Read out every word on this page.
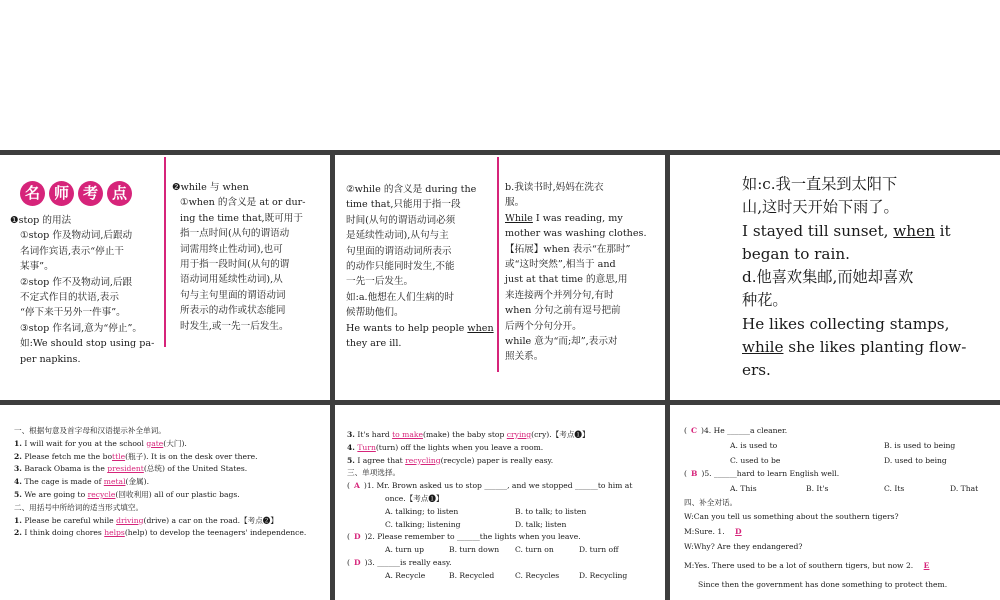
名 师 考 点
❶stop 的用法
①stop 作及物动词,后跟动
名词作宾语,表示“停止干
某事”。
②stop 作不及物动词,后跟
不定式作目的状语,表示
“停下来干另外一件事”。
③stop 作名词,意为“停止”。
如:We should stop using pa-
per napkins.
❷while 与 when
①when 的含义是 at or dur-
ing the time that,既可用于
指一点时间(从句的谓语动
词需用终止性动词),也可
用于指一段时间(从句的谓
语动词用延续性动词),从
句与主句里面的谓语动词
所表示的动作或状态能同
时发生,或一先一后发生。
②while 的含义是 during the
time that,只能用于指一段
时间(从句的谓语动词必须
是延续性动词),从句与主
句里面的谓语动词所表示
的动作只能同时发生,不能
一先一后发生。
如:a.他想在人们生病的时
候帮助他们。
He wants to help people when
they are ill.
b.我读书时,妈妈在洗衣
服。
While I was reading, my
mother was washing clothes.
【拓展】when 表示“在那时”
或“这时突然”,相当于 and
just at that time 的意思,用
来连接两个并列分句,有时
when 分句之前有逗号把前
后两个分句分开。
while 意为“而;却”,表示对
照关系。
如:c.我一直呆到太阳下
山,这时天开始下雨了。
I stayed till sunset, when it
began to rain.
d.他喜欢集邮,而她却喜欢
种花。
He likes collecting stamps,
while she likes planting flow-
ers.
一、根据句意及首字母和汉语提示补全单词。
1. I will wait for you at the school gate(大门).
2. Please fetch me the bottle(瓶子). It is on the desk over there.
3. Barack Obama is the president(总统) of the United States.
4. The cage is made of metal(金属).
5. We are going to recycle(回收利用) all of our plastic bags.
二、用括号中所给词的适当形式填空。
1. Please be careful while driving(drive) a car on the road.【考点❷】
2. I think doing chores helps(help) to develop the teenagers' independence.
3. It's hard to make(make) the baby stop crying(cry).【考点❶】
4. Turn(turn) off the lights when you leave a room.
5. I agree that recycling(recycle) paper is really easy.
三、单项选择。
( A )1. Mr. Brown asked us to stop ______, and we stopped ______to him at
once.【考点❶】
A. talking; to listen	B. to talk; to listen
C. talking; listening	D. talk; listen
( D )2. Please remember to ______the lights when you leave.
A. turn up	B. turn down C. turn on	D. turn off
( D )3. ______is really easy.
A. Recycle	B. Recycled	C. Recycles	D. Recycling
( C )4. He ______a cleaner.
A. is used to	B. is used to being
C. used to be	D. used to being
( B )5. ______hard to learn English well.
A. This	B. It's	C. Its	D. That
四、补全对话。
W:Can you tell us something about the southern tigers?
M:Sure. 1. D
W:Why? Are they endangered?
M:Yes. There used to be a lot of southern tigers, but now 2. E
Since then the government has done something to protect them.
